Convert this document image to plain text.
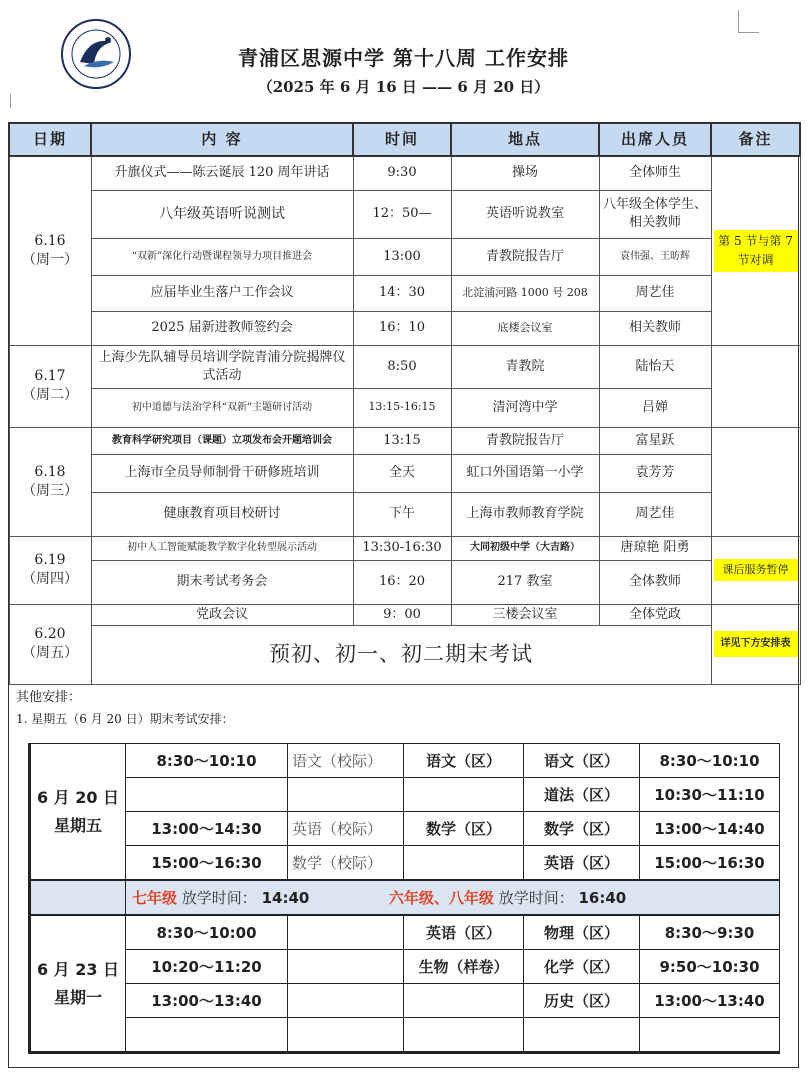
青浦区思源中学 第十八周 工作安排
（2025 年 6 月 16 日 —— 6 月 20 日）
日期	内 容	时间	地点	出席人员	备注

6.16
（周一）	升旗仪式——陈云诞辰 120 周年讲话	9:30	操场	全体师生	第 5 节与第 7 节对调

	八年级英语听说测试	12：50—	英语听说教室	八年级全体学生、相关教师	
	“双新”深化行动暨课程领导力项目推进会	13:00	青教院报告厅	袁伟强、王昉辉	
	应届毕业生落户工作会议	14：30	北淀浦河路 1000 号 208	周艺佳	
	2025 届新进教师签约会	16：10	底楼会议室	相关教师	

6.17
（周二）	上海少先队辅导员培训学院青浦分院揭牌仪式活动	8:50	青教院	陆怡天	
	初中道德与法治学科“双新”主题研讨活动	13:15-16:15	清河湾中学	吕婵	

6.18
（周三）	教育科学研究项目（课题）立项发布会开题培训会	13:15	青教院报告厅	富星跃	
	上海市全员导师制骨干研修班培训	全天	虹口外国语第一小学	袁芳芳	
	健康教育项目校研讨	下午	上海市教师教育学院	周艺佳	

6.19
（周四）	初中人工智能赋能教学数字化转型展示活动	13:30-16:30	大同初级中学（大吉路）	唐琼艳 阳勇	课后服务暂停

	期末考试考务会	16：20	217 教室	全体教师	

6.20
（周五）	党政会议	9：00	三楼会议室	全体党政	详见下方安排表

	预初、初一、初二期末考试				
其他安排：
1. 星期五（6 月 20 日）期末考试安排：
6 月 20 日
星期五	8:30～10:10	语文（校际）	语文（区）	语文（区）	8:30～10:10
				道法（区）	10:30～11:10
	13:00～14:30	英语（校际）	数学（区）	数学（区）	13:00～14:40
	15:00～16:30	数学（校际）		英语（区）	15:00～16:30
	七年级 放学时间： 14:40 六年级、八年级 放学时间： 16:40				

6 月 23 日
星期一	8:30～10:00		英语（区）	物理（区）	8:30～9:30
	10:20～11:20		生物（样卷）	化学（区）	9:50～10:30
	13:00～13:40			历史（区）	13:00～13:40
